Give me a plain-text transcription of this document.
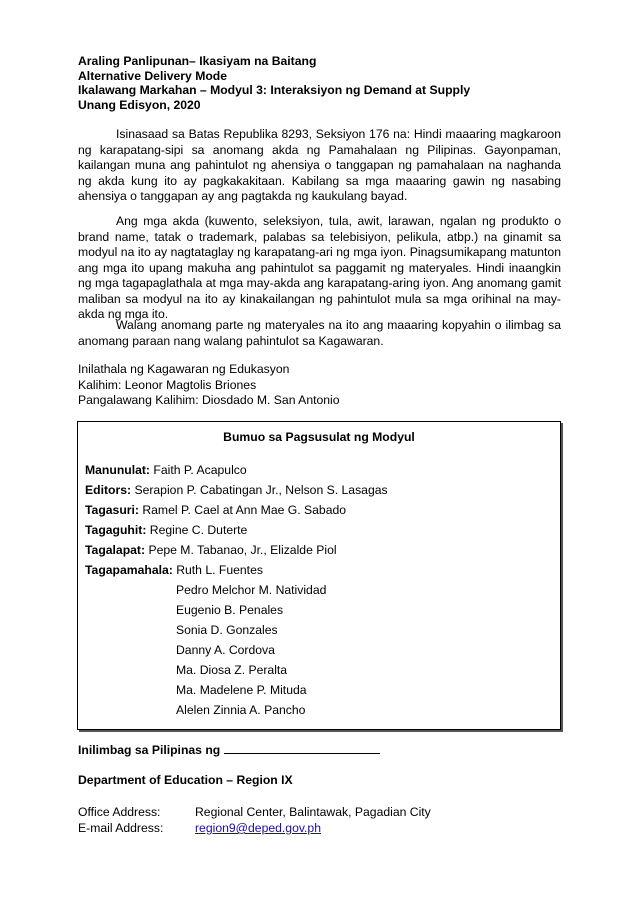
Araling Panlipunan– Ikasiyam na Baitang
Alternative Delivery Mode
Ikalawang Markahan – Modyul 3: Interaksiyon ng Demand at Supply
Unang Edisyon, 2020

Isinasaad sa Batas Republika 8293, Seksiyon 176 na: Hindi maaaring magkaroon ng karapatang-sipi sa anomang akda ng Pamahalaan ng Pilipinas. Gayonpaman, kailangan muna ang pahintulot ng ahensiya o tanggapan ng pamahalaan na naghanda ng akda kung ito ay pagkakakitaan. Kabilang sa mga maaaring gawin ng nasabing ahensiya o tanggapan ay ang pagtakda ng kaukulang bayad.

Ang mga akda (kuwento, seleksiyon, tula, awit, larawan, ngalan ng produkto o brand name, tatak o trademark, palabas sa telebisiyon, pelikula, atbp.) na ginamit sa modyul na ito ay nagtataglay ng karapatang-ari ng mga iyon. Pinagsumikapang matunton ang mga ito upang makuha ang pahintulot sa paggamit ng materyales. Hindi inaangkin ng mga tagapaglathala at mga may-akda ang karapatang-aring iyon. Ang anomang gamit maliban sa modyul na ito ay kinakailangan ng pahintulot mula sa mga orihinal na may-akda ng mga ito.

Walang anomang parte ng materyales na ito ang maaaring kopyahin o ilimbag sa anomang paraan nang walang pahintulot sa Kagawaran.

Inilathala ng Kagawaran ng Edukasyon
Kalihim: Leonor Magtolis Briones
Pangalawang Kalihim: Diosdado M. San Antonio
Bumuo sa Pagsusulat ng Modyul
Manunulat: Faith P. Acapulco
Editors: Serapion P. Cabatingan Jr., Nelson S. Lasagas
Tagasuri: Ramel P. Cael at Ann Mae G. Sabado
Tagaguhit: Regine C. Duterte
Tagalapat: Pepe M. Tabanao, Jr., Elizalde Piol
Tagapamahala: Ruth L. Fuentes
Pedro Melchor M. Natividad
Eugenio B. Penales
Sonia D. Gonzales
Danny A. Cordova
Ma. Diosa Z. Peralta
Ma. Madelene P. Mituda
Alelen Zinnia A. Pancho
Inilimbag sa Pilipinas ng
Department of Education – Region IX
Office Address:	Regional Center, Balintawak, Pagadian City
E-mail Address:	region9@deped.gov.ph
